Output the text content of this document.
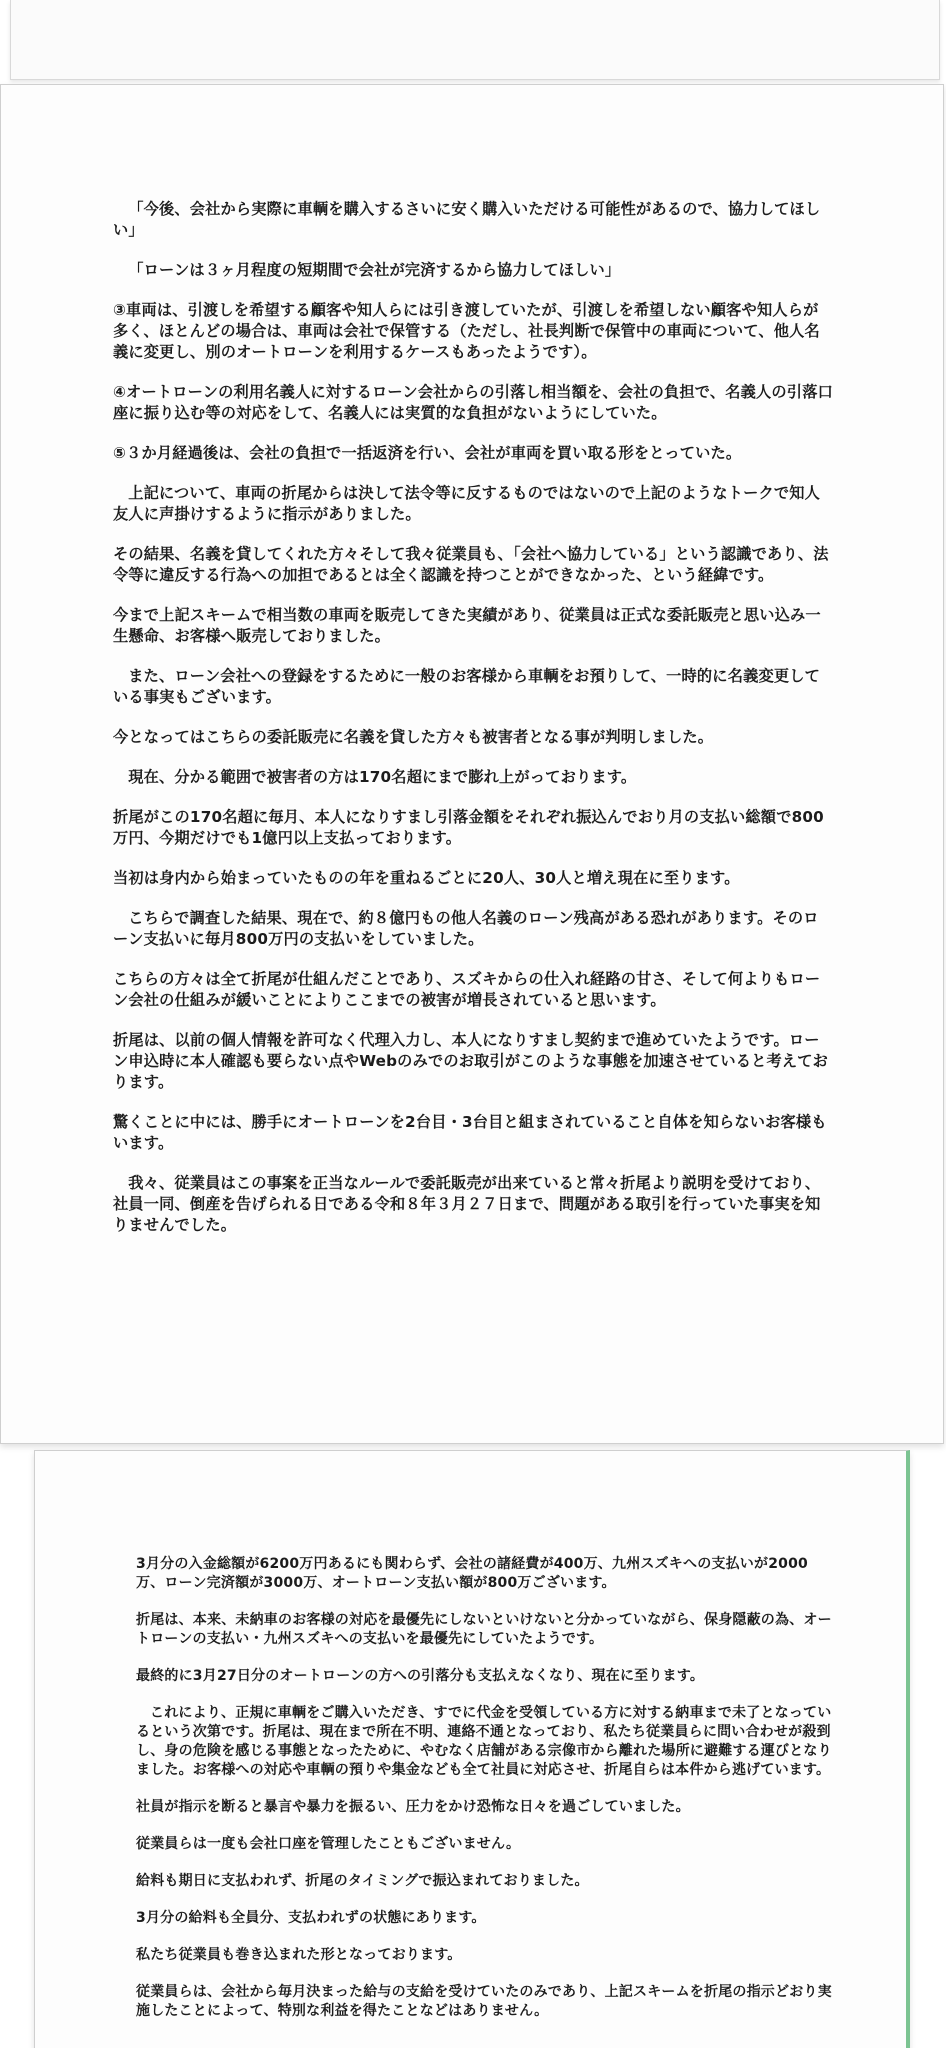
「今後、会社から実際に車輌を購入するさいに安く購入いただける可能性があるので、協力してほしい」

「ローンは３ヶ月程度の短期間で会社が完済するから協力してほしい」

③車両は、引渡しを希望する顧客や知人らには引き渡していたが、引渡しを希望しない顧客や知人らが多く、ほとんどの場合は、車両は会社で保管する（ただし、社長判断で保管中の車両について、他人名義に変更し、別のオートローンを利用するケースもあったようです）。

④オートローンの利用名義人に対するローン会社からの引落し相当額を、会社の負担で、名義人の引落口座に振り込む等の対応をして、名義人には実質的な負担がないようにしていた。

⑤３か月経過後は、会社の負担で一括返済を行い、会社が車両を買い取る形をとっていた。

上記について、車両の折尾からは決して法令等に反するものではないので上記のようなトークで知人友人に声掛けするように指示がありました。

その結果、名義を貸してくれた方々そして我々従業員も、「会社へ協力している」という認識であり、法令等に違反する行為への加担であるとは全く認識を持つことができなかった、という経緯です。

今まで上記スキームで相当数の車両を販売してきた実績があり、従業員は正式な委託販売と思い込み一生懸命、お客様へ販売しておりました。

また、ローン会社への登録をするために一般のお客様から車輌をお預りして、一時的に名義変更している事実もございます。

今となってはこちらの委託販売に名義を貸した方々も被害者となる事が判明しました。

現在、分かる範囲で被害者の方は170名超にまで膨れ上がっております。

折尾がこの170名超に毎月、本人になりすまし引落金額をそれぞれ振込んでおり月の支払い総額で800万円、今期だけでも1億円以上支払っております。

当初は身内から始まっていたものの年を重ねるごとに20人、30人と増え現在に至ります。

こちらで調査した結果、現在で、約８億円もの他人名義のローン残高がある恐れがあります。そのローン支払いに毎月800万円の支払いをしていました。

こちらの方々は全て折尾が仕組んだことであり、スズキからの仕入れ経路の甘さ、そして何よりもローン会社の仕組みが緩いことによりここまでの被害が増長されていると思います。

折尾は、以前の個人情報を許可なく代理入力し、本人になりすまし契約まで進めていたようです。ローン申込時に本人確認も要らない点やWebのみでのお取引がこのような事態を加速させていると考えております。

驚くことに中には、勝手にオートローンを2台目・3台目と組まされていること自体を知らないお客様もいます。

我々、従業員はこの事案を正当なルールで委託販売が出来ていると常々折尾より説明を受けており、社員一同、倒産を告げられる日である令和８年３月２７日まで、問題がある取引を行っていた事実を知りませんでした。

3月分の入金総額が6200万円あるにも関わらず、会社の諸経費が400万、九州スズキへの支払いが2000万、ローン完済額が3000万、オートローン支払い額が800万ございます。

折尾は、本来、未納車のお客様の対応を最優先にしないといけないと分かっていながら、保身隠蔽の為、オートローンの支払い・九州スズキへの支払いを最優先にしていたようです。

最終的に3月27日分のオートローンの方への引落分も支払えなくなり、現在に至ります。

これにより、正規に車輌をご購入いただき、すでに代金を受領している方に対する納車まで未了となっているという次第です。折尾は、現在まで所在不明、連絡不通となっており、私たち従業員らに問い合わせが殺到し、身の危険を感じる事態となったために、やむなく店舗がある宗像市から離れた場所に避難する運びとなりました。お客様への対応や車輌の預りや集金なども全て社員に対応させ、折尾自らは本件から逃げています。

社員が指示を断ると暴言や暴力を振るい、圧力をかけ恐怖な日々を過ごしていました。

従業員らは一度も会社口座を管理したこともございません。

給料も期日に支払われず、折尾のタイミングで振込まれておりました。

3月分の給料も全員分、支払われずの状態にあります。

私たち従業員も巻き込まれた形となっております。

従業員らは、会社から毎月決まった給与の支給を受けていたのみであり、上記スキームを折尾の指示どおり実施したことによって、特別な利益を得たことなどはありません。
